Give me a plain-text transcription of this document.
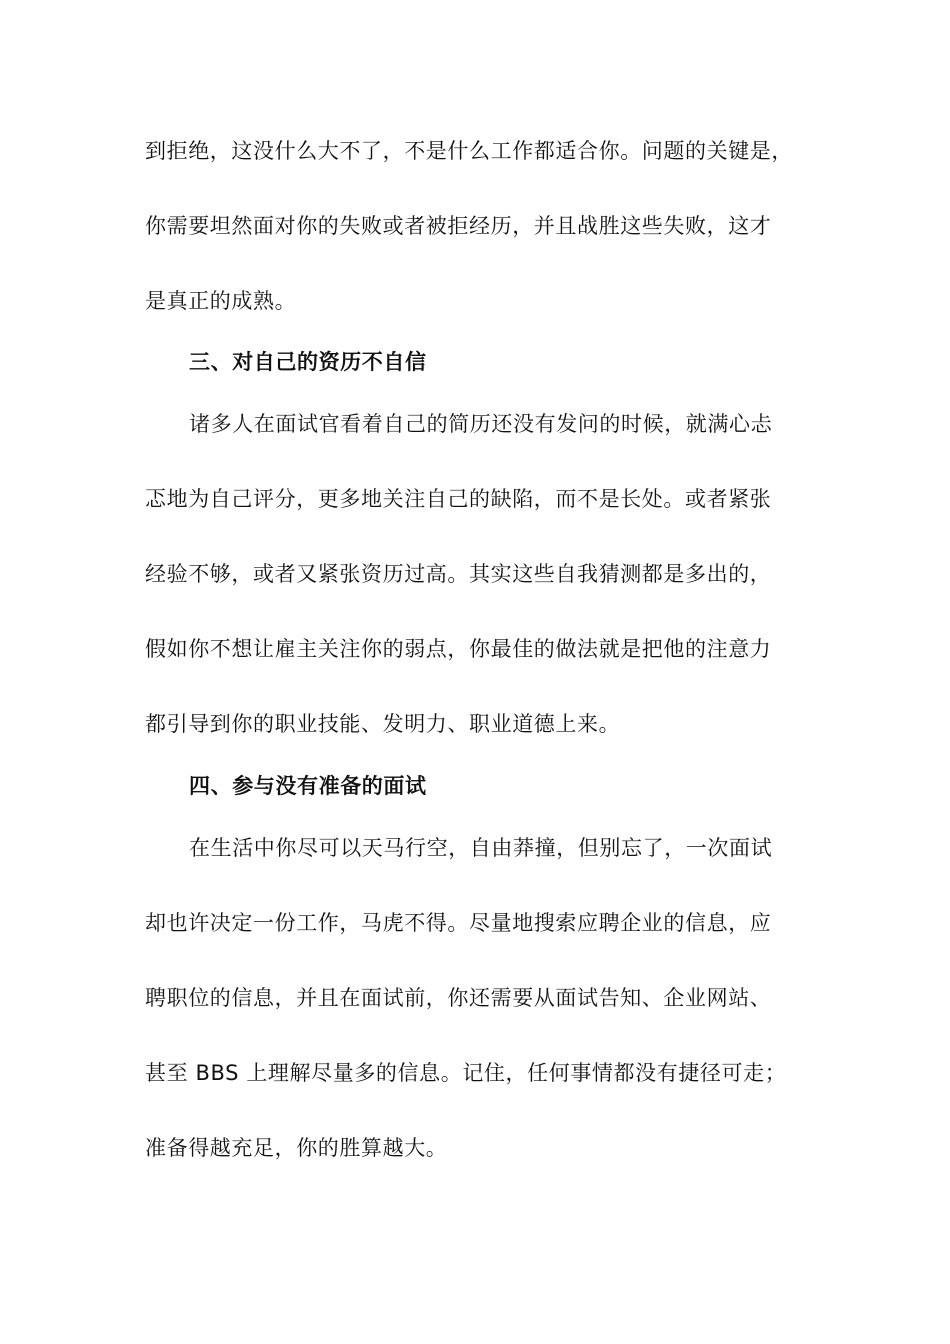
到拒绝，这没什么大不了，不是什么工作都适合你。问题的关键是，
你需要坦然面对你的失败或者被拒经历，并且战胜这些失败，这才
是真正的成熟。
三、对自己的资历不自信
诸多人在面试官看着自己的简历还没有发问的时候，就满心忐
忑地为自己评分，更多地关注自己的缺陷，而不是长处。或者紧张
经验不够，或者又紧张资历过高。其实这些自我猜测都是多出的，
假如你不想让雇主关注你的弱点，你最佳的做法就是把他的注意力
都引导到你的职业技能、发明力、职业道德上来。
四、参与没有准备的面试
在生活中你尽可以天马行空，自由莽撞，但别忘了，一次面试
却也许决定一份工作，马虎不得。尽量地搜索应聘企业的信息，应
聘职位的信息，并且在面试前，你还需要从面试告知、企业网站、
甚至 BBS 上理解尽量多的信息。记住，任何事情都没有捷径可走；
准备得越充足，你的胜算越大。
